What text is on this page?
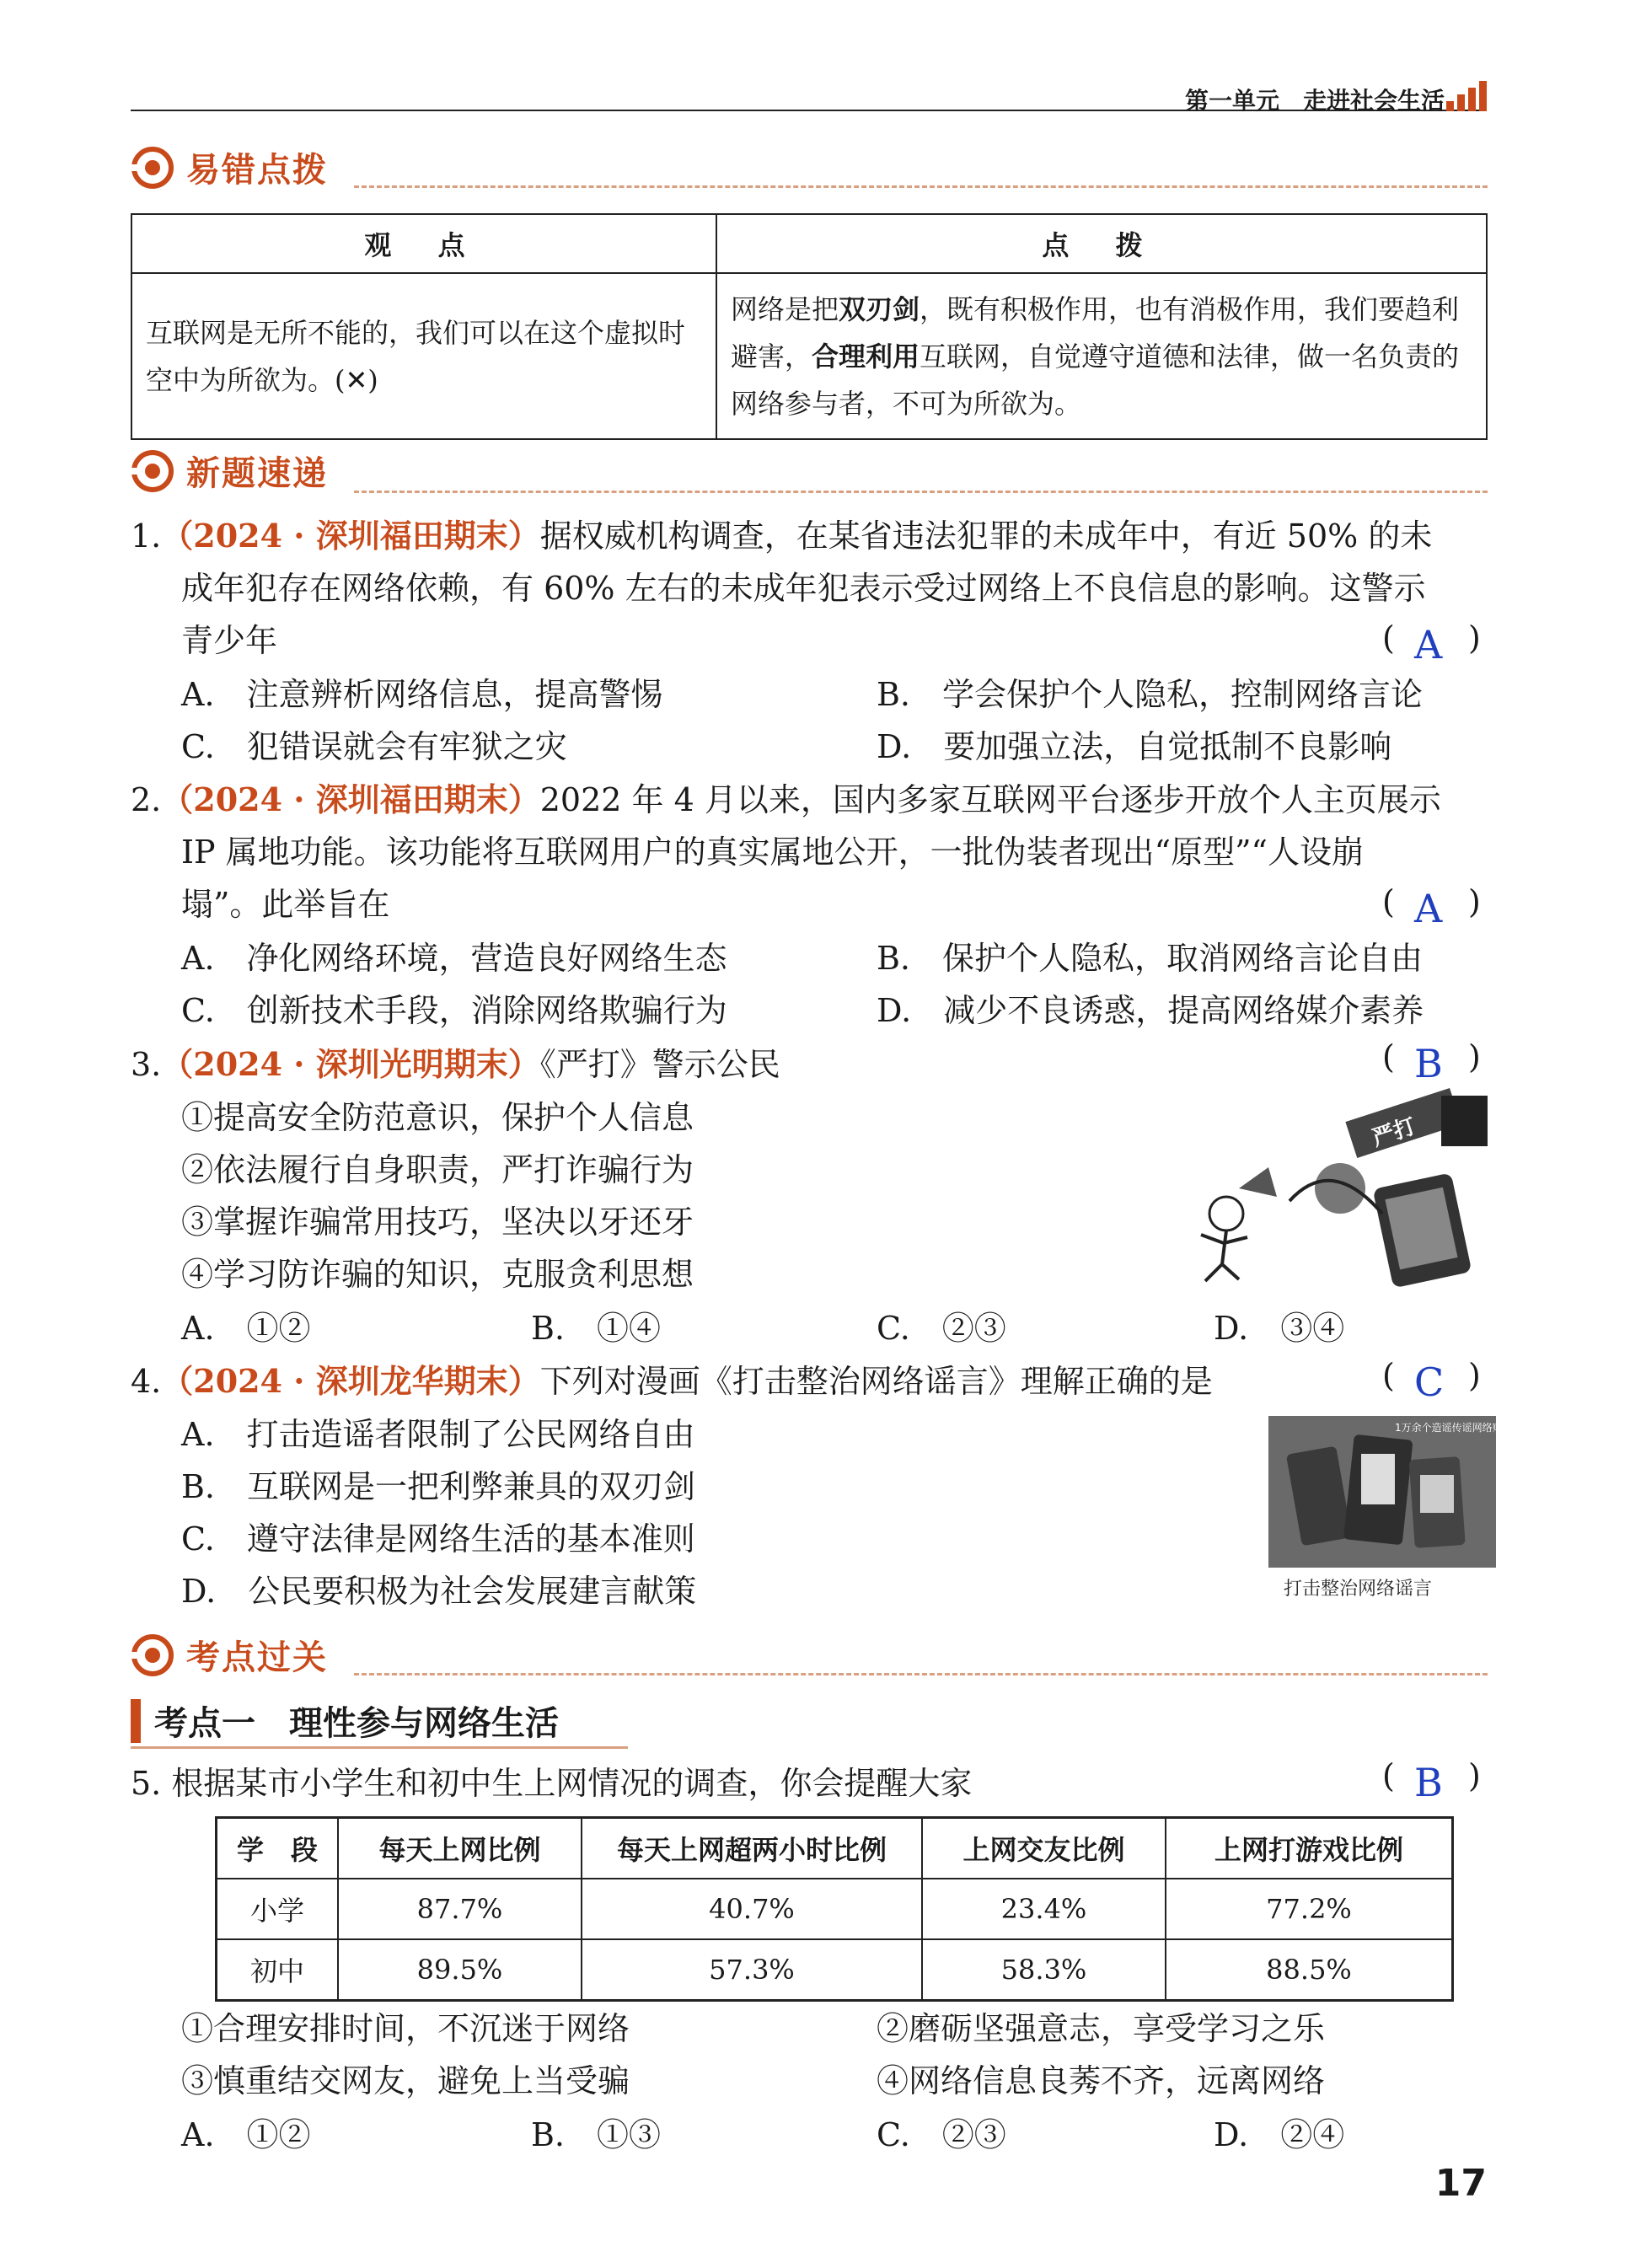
第一单元　走进社会生活
易错点拨
观 点	点 拨
互联网是无所不能的，我们可以在这个虚拟时空中为所欲为。(✕)	网络是把双刃剑，既有积极作用，也有消极作用，我们要趋利避害，合理利用互联网，自觉遵守道德和法律，做一名负责的网络参与者，不可为所欲为。
新题速递
1.（2024 · 深圳福田期末）据权威机构调查，在某省违法犯罪的未成年中，有近 50% 的未
成年犯存在网络依赖，有 60% 左右的未成年犯表示受过网络上不良信息的影响。这警示
青少年	( )
A
A.　注意辨析网络信息，提高警惕	B.　学会保护个人隐私，控制网络言论
C.　犯错误就会有牢狱之灾	D.　要加强立法，自觉抵制不良影响
2.（2024 · 深圳福田期末）2022 年 4 月以来，国内多家互联网平台逐步开放个人主页展示
IP 属地功能。该功能将互联网用户的真实属地公开，一批伪装者现出“原型”“人设崩
塌”。此举旨在	( )
A
A.　净化网络环境，营造良好网络生态	B.　保护个人隐私，取消网络言论自由
C.　创新技术手段，消除网络欺骗行为	D.　减少不良诱惑，提高网络媒介素养
3.（2024 · 深圳光明期末）《严打》警示公民	( )
B
①提高安全防范意识，保护个人信息
②依法履行自身职责，严打诈骗行为
③掌握诈骗常用技巧，坚决以牙还牙
④学习防诈骗的知识，克服贪利思想
A.　①②	B.　①④	C.　②③	D.　③④
严打
4.（2024 · 深圳龙华期末）下列对漫画《打击整治网络谣言》理解正确的是	( )
C
A.　打击造谣者限制了公民网络自由
B.　互联网是一把利弊兼具的双刃剑
C.　遵守法律是网络生活的基本准则
D.　公民要积极为社会发展建言献策
1万余个造谣传谣网络账号被关停或禁言
打击整治网络谣言
考点过关
考点一　理性参与网络生活
5. 根据某市小学生和初中生上网情况的调查，你会提醒大家	( )
B
学　段	每天上网比例	每天上网超两小时比例	上网交友比例	上网打游戏比例
小学	87.7%	40.7%	23.4%	77.2%
初中	89.5%	57.3%	58.3%	88.5%
①合理安排时间，不沉迷于网络	②磨砺坚强意志，享受学习之乐
③慎重结交网友，避免上当受骗	④网络信息良莠不齐，远离网络
A.　①②	B.　①③	C.　②③	D.　②④
17
